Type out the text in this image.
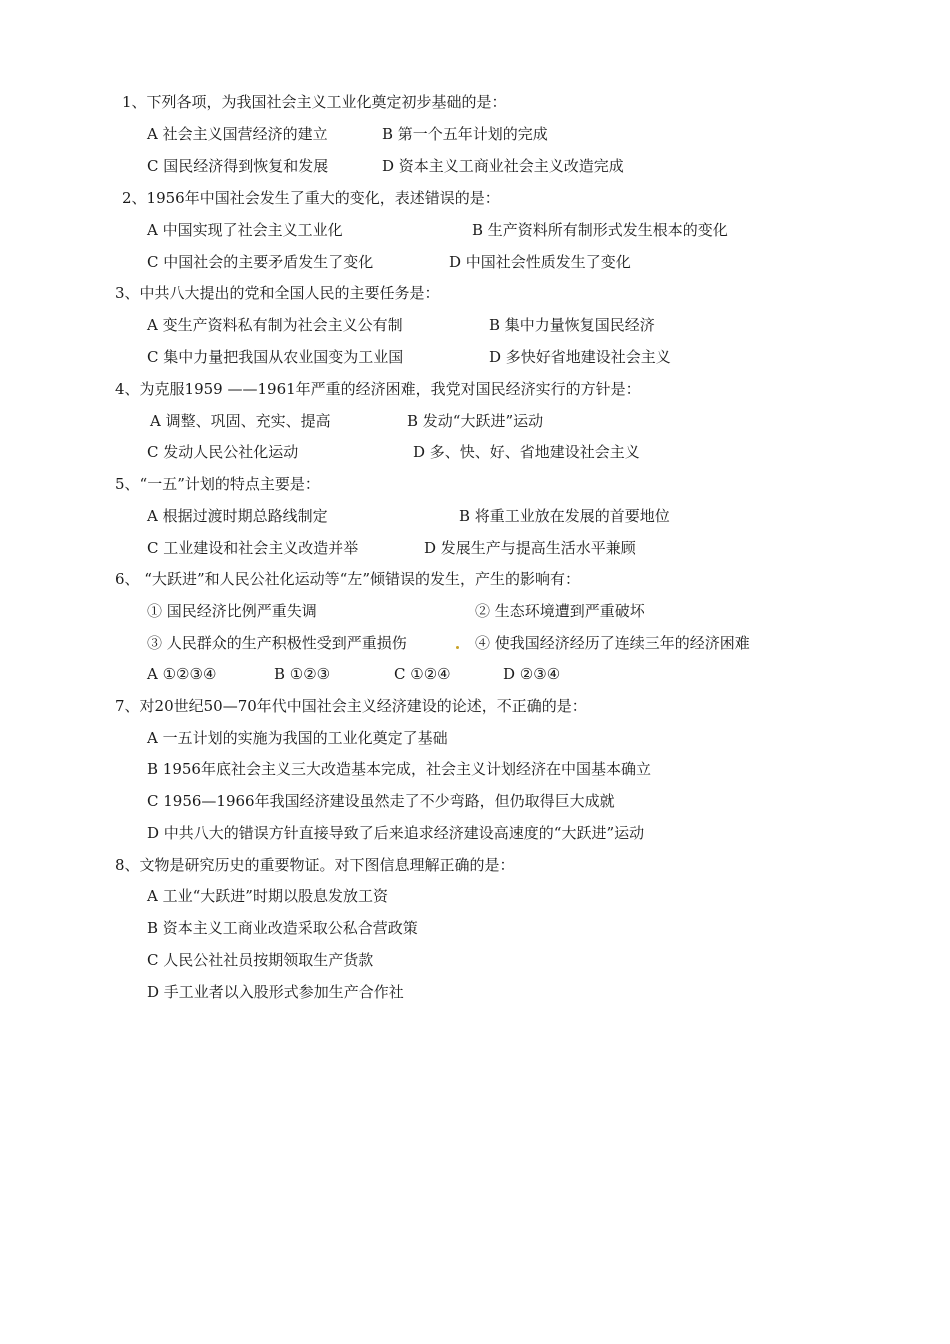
1、下列各项，为我国社会主义工业化奠定初步基础的是：
A 社会主义国营经济的建立	B 第一个五年计划的完成
C 国民经济得到恢复和发展	D 资本主义工商业社会主义改造完成
2、1956年中国社会发生了重大的变化，表述错误的是：
A 中国实现了社会主义工业化	B 生产资料所有制形式发生根本的变化
C 中国社会的主要矛盾发生了变化	D 中国社会性质发生了变化
3、中共八大提出的党和全国人民的主要任务是：
A 变生产资料私有制为社会主义公有制	B 集中力量恢复国民经济
C 集中力量把我国从农业国变为工业国	D 多快好省地建设社会主义
4、为克服1959 ——1961年严重的经济困难，我党对国民经济实行的方针是：
A 调整、巩固、充实、提高	B 发动“大跃进”运动
C 发动人民公社化运动	D 多、快、好、省地建设社会主义
5、“一五”计划的特点主要是：
A 根据过渡时期总路线制定	B 将重工业放在发展的首要地位
C 工业建设和社会主义改造并举	D 发展生产与提高生活水平兼顾
6、 “大跃进”和人民公社化运动等“左”倾错误的发生，产生的影响有：
① 国民经济比例严重失调	② 生态环境遭到严重破坏
③ 人民群众的生产积极性受到严重损伤	④ 使我国经济经历了连续三年的经济困难
A ①②③④	B ①②③	C ①②④	D ②③④
7、对20世纪50—70年代中国社会主义经济建设的论述，不正确的是：
A 一五计划的实施为我国的工业化奠定了基础
B 1956年底社会主义三大改造基本完成，社会主义计划经济在中国基本确立
C 1956—1966年我国经济建设虽然走了不少弯路，但仍取得巨大成就
D 中共八大的错误方针直接导致了后来追求经济建设高速度的“大跃进”运动
8、文物是研究历史的重要物证。对下图信息理解正确的是：
A 工业“大跃进”时期以股息发放工资
B 资本主义工商业改造采取公私合营政策
C 人民公社社员按期领取生产货款
D 手工业者以入股形式参加生产合作社
